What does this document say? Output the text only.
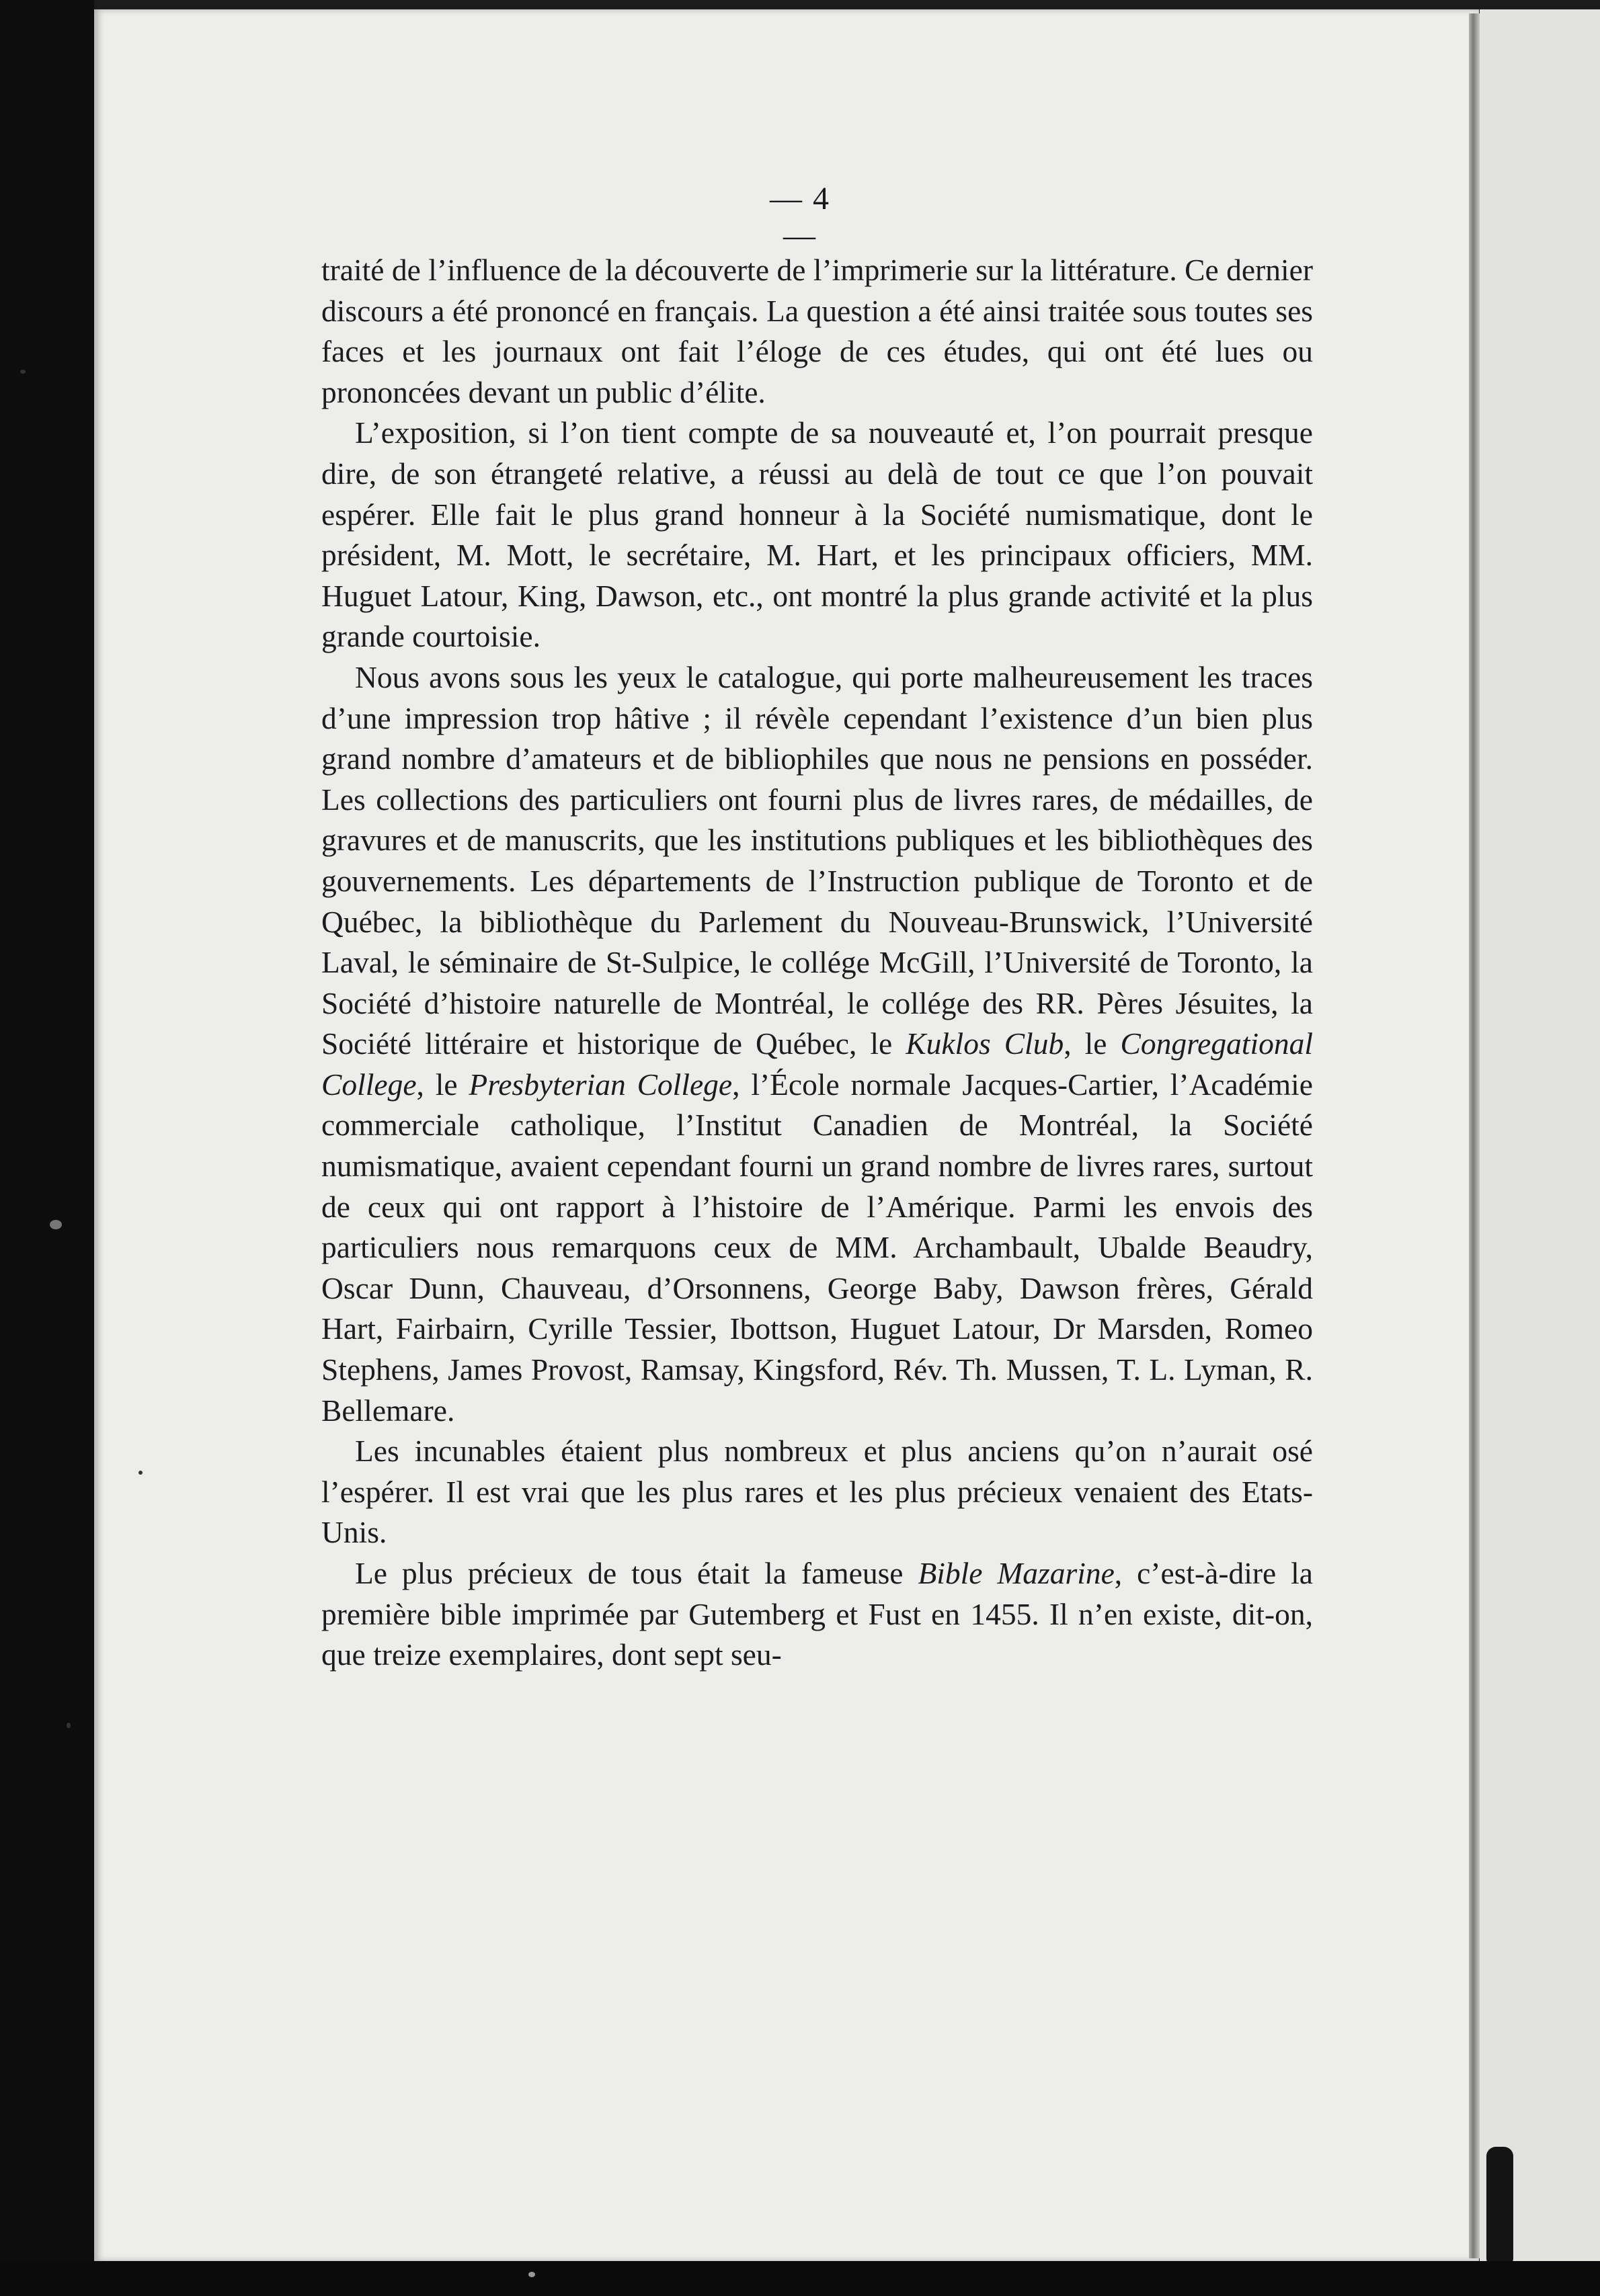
— 4 —

traité de l’influence de la découverte de l’imprimerie sur la littérature. Ce dernier discours a été prononcé en français. La question a été ainsi traitée sous toutes ses faces et les journaux ont fait l’éloge de ces études, qui ont été lues ou prononcées devant un public d’élite.

L’exposition, si l’on tient compte de sa nouveauté et, l’on pourrait presque dire, de son étrangeté relative, a réussi au delà de tout ce que l’on pouvait espérer. Elle fait le plus grand honneur à la Société numismatique, dont le président, M. Mott, le secrétaire, M. Hart, et les principaux officiers, MM. Huguet Latour, King, Dawson, etc., ont montré la plus grande activité et la plus grande courtoisie.

Nous avons sous les yeux le catalogue, qui porte malheureusement les traces d’une impression trop hâtive ; il révèle cependant l’existence d’un bien plus grand nombre d’amateurs et de bibliophiles que nous ne pensions en posséder. Les collections des particuliers ont fourni plus de livres rares, de médailles, de gravures et de manuscrits, que les institutions publiques et les bibliothèques des gouvernements. Les départements de l’Instruction publique de Toronto et de Québec, la bibliothèque du Parlement du Nouveau-Brunswick, l’Université Laval, le séminaire de St-Sulpice, le collége McGill, l’Université de Toronto, la Société d’histoire naturelle de Montréal, le collége des RR. Pères Jésuites, la Société littéraire et historique de Québec, le Kuklos Club, le Congregational College, le Presbyterian College, l’École normale Jacques-Cartier, l’Académie commerciale catholique, l’Institut Canadien de Montréal, la Société numismatique, avaient cependant fourni un grand nombre de livres rares, surtout de ceux qui ont rapport à l’histoire de l’Amérique. Parmi les envois des particuliers nous remarquons ceux de MM. Archambault, Ubalde Beaudry, Oscar Dunn, Chauveau, d’Orsonnens, George Baby, Dawson frères, Gérald Hart, Fairbairn, Cyrille Tessier, Ibottson, Huguet Latour, Dr Marsden, Romeo Stephens, James Provost, Ramsay, Kingsford, Rév. Th. Mussen, T. L. Lyman, R. Bellemare.

Les incunables étaient plus nombreux et plus anciens qu’on n’aurait osé l’espérer. Il est vrai que les plus rares et les plus précieux venaient des Etats-Unis.

Le plus précieux de tous était la fameuse Bible Mazarine, c’est-à-dire la première bible imprimée par Gutemberg et Fust en 1455. Il n’en existe, dit-on, que treize exemplaires, dont sept seu-
